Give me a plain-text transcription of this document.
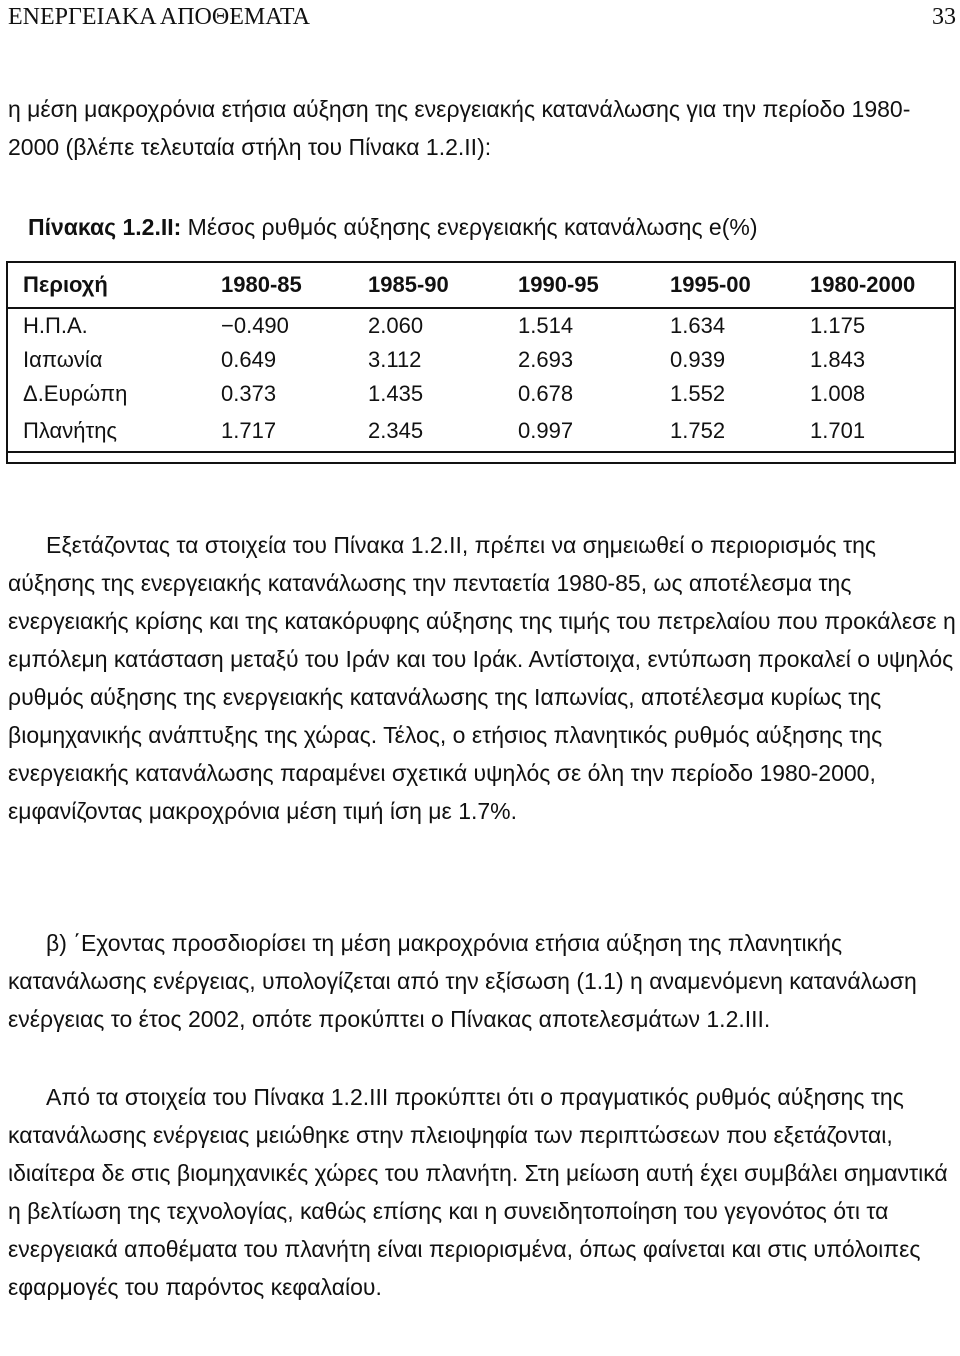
ΕΝΕΡΓΕΙΑΚΑ ΑΠΟΘΕΜΑΤΑ	33

η μέση μακροχρόνια ετήσια αύξηση της ενεργειακής κατανάλωσης για την περίοδο 1980-2000 (βλέπε τελευταία στήλη του Πίνακα 1.2.II):

Πίνακας 1.2.II: Μέσος ρυθμός αύξησης ενεργειακής κατανάλωσης e(%)

Περιοχή	1980-85	1985-90	1990-95	1995-00	1980-2000
Η.Π.Α.	−0.490	2.060	1.514	1.634	1.175
Ιαπωνία	0.649	3.112	2.693	0.939	1.843
Δ.Ευρώπη	0.373	1.435	0.678	1.552	1.008
Πλανήτης	1.717	2.345	0.997	1.752	1.701

Εξετάζοντας τα στοιχεία του Πίνακα 1.2.II, πρέπει να σημειωθεί ο περιορισμός της αύξησης της ενεργειακής κατανάλωσης την πενταετία 1980-85, ως αποτέλεσμα της ενεργειακής κρίσης και της κατακόρυφης αύξησης της τιμής του πετρελαίου που προκάλεσε η εμπόλεμη κατάσταση μεταξύ του Ιράν και του Ιράκ. Αντίστοιχα, εντύπωση προκαλεί ο υψηλός ρυθμός αύξησης της ενεργειακής κατανάλωσης της Ιαπωνίας, αποτέλεσμα κυρίως της βιομηχανικής ανάπτυξης της χώρας. Τέλος, ο ετήσιος πλανητικός ρυθμός αύξησης της ενεργειακής κατανάλωσης παραμένει σχετικά υψηλός σε όλη την περίοδο 1980-2000, εμφανίζοντας μακροχρόνια μέση τιμή ίση με 1.7%.

β) ΄Εχοντας προσδιορίσει τη μέση μακροχρόνια ετήσια αύξηση της πλανητικής κατανάλωσης ενέργειας, υπολογίζεται από την εξίσωση (1.1) η αναμενόμενη κατανάλωση ενέργειας το έτος 2002, οπότε προκύπτει ο Πίνακας αποτελεσμάτων 1.2.III.

Από τα στοιχεία του Πίνακα 1.2.III προκύπτει ότι ο πραγματικός ρυθμός αύξησης της κατανάλωσης ενέργειας μειώθηκε στην πλειοψηφία των περιπτώσεων που εξετάζονται, ιδιαίτερα δε στις βιομηχανικές χώρες του πλανήτη. Στη μείωση αυτή έχει συμβάλει σημαντικά η βελτίωση της τεχνολογίας, καθώς επίσης και η συνειδητοποίηση του γεγονότος ότι τα ενεργειακά αποθέματα του πλανήτη είναι περιορισμένα, όπως φαίνεται και στις υπόλοιπες εφαρμογές του παρόντος κεφαλαίου.
